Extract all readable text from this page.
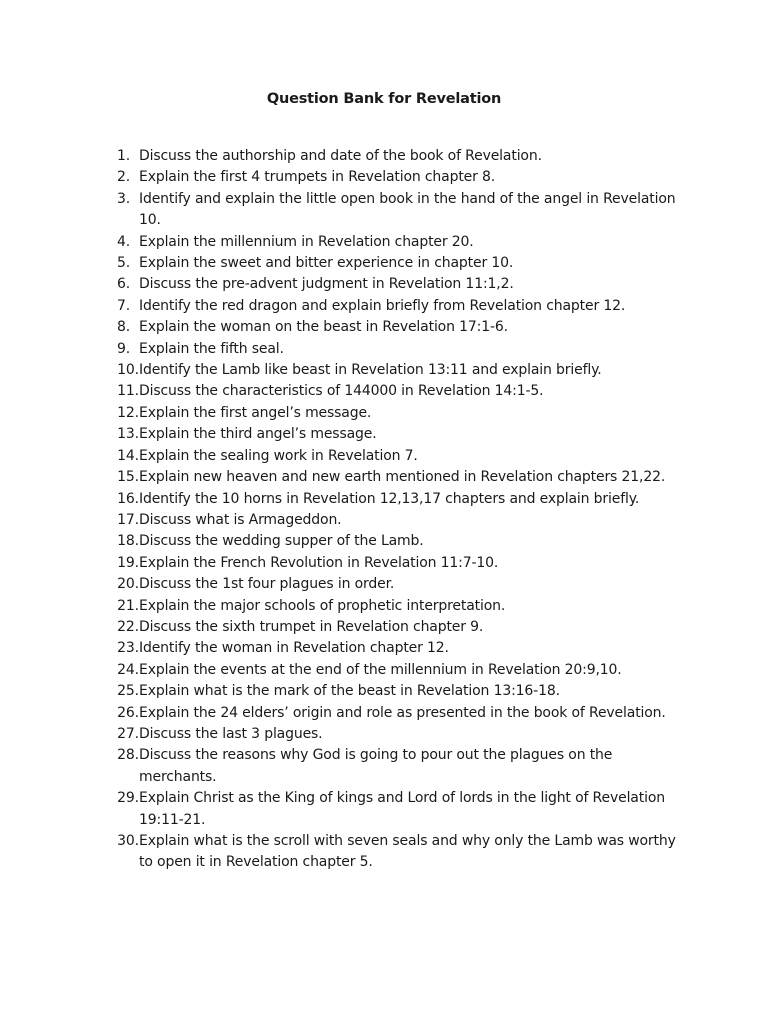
Question Bank for Revelation
1. Discuss the authorship and date of the book of Revelation.
2. Explain the first 4 trumpets in Revelation chapter 8.
3. Identify and explain the little open book in the hand of the angel in Revelation 10.
4. Explain the millennium in Revelation chapter 20.
5. Explain the sweet and bitter experience in chapter 10.
6. Discuss the pre-advent judgment in Revelation 11:1,2.
7. Identify the red dragon and explain briefly from Revelation chapter 12.
8. Explain the woman on the beast in Revelation 17:1-6.
9. Explain the fifth seal.
10. Identify the Lamb like beast in Revelation 13:11 and explain briefly.
11. Discuss the characteristics of 144000 in Revelation 14:1-5.
12. Explain the first angel’s message.
13. Explain the third angel’s message.
14. Explain the sealing work in Revelation 7.
15. Explain new heaven and new earth mentioned in Revelation chapters 21,22.
16. Identify the 10 horns in Revelation 12,13,17 chapters and explain briefly.
17. Discuss what is Armageddon.
18. Discuss the wedding supper of the Lamb.
19. Explain the French Revolution in Revelation 11:7-10.
20. Discuss the 1st four plagues in order.
21. Explain the major schools of prophetic interpretation.
22. Discuss the sixth trumpet in Revelation chapter 9.
23. Identify the woman in Revelation chapter 12.
24. Explain the events at the end of the millennium in Revelation 20:9,10.
25. Explain what is the mark of the beast in Revelation 13:16-18.
26. Explain the 24 elders’ origin and role as presented in the book of Revelation.
27. Discuss the last 3 plagues.
28. Discuss the reasons why God is going to pour out the plagues on the merchants.
29. Explain Christ as the King of kings and Lord of lords in the light of Revelation 19:11-21.
30. Explain what is the scroll with seven seals and why only the Lamb was worthy to open it in Revelation chapter 5.
